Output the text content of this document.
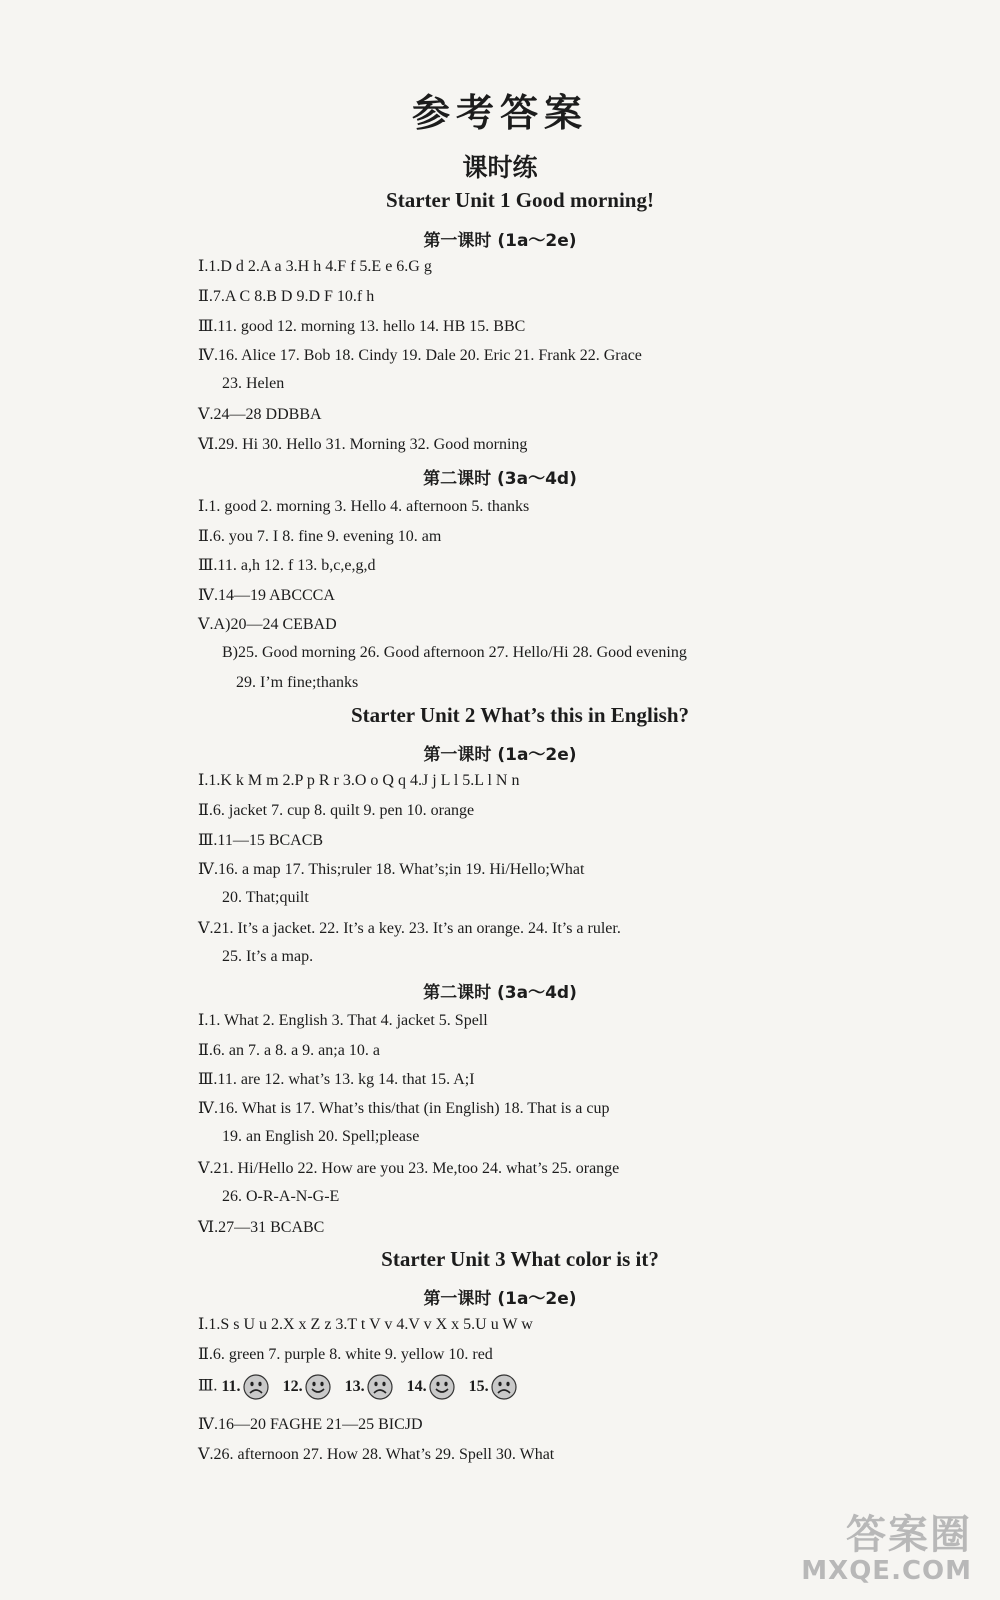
参考答案
课时练
Starter Unit 1 Good morning!
第一课时 (1a～2e)
Ⅰ.1.D d 2.A a 3.H h 4.F f 5.E e 6.G g
Ⅱ.7.A C 8.B D 9.D F 10.f h
Ⅲ.11. good 12. morning 13. hello 14. HB 15. BBC
Ⅳ.16. Alice 17. Bob 18. Cindy 19. Dale 20. Eric 21. Frank 22. Grace
23. Helen
Ⅴ.24—28 DDBBA
Ⅵ.29. Hi 30. Hello 31. Morning 32. Good morning
第二课时 (3a～4d)
Ⅰ.1. good 2. morning 3. Hello 4. afternoon 5. thanks
Ⅱ.6. you 7. I 8. fine 9. evening 10. am
Ⅲ.11. a,h 12. f 13. b,c,e,g,d
Ⅳ.14—19 ABCCCA
Ⅴ.A)20—24 CEBAD
B)25. Good morning 26. Good afternoon 27. Hello/Hi 28. Good evening
29. I’m fine;thanks
Starter Unit 2 What’s this in English?
第一课时 (1a～2e)
Ⅰ.1.K k M m 2.P p R r 3.O o Q q 4.J j L l 5.L l N n
Ⅱ.6. jacket 7. cup 8. quilt 9. pen 10. orange
Ⅲ.11—15 BCACB
Ⅳ.16. a map 17. This;ruler 18. What’s;in 19. Hi/Hello;What
20. That;quilt
Ⅴ.21. It’s a jacket. 22. It’s a key. 23. It’s an orange. 24. It’s a ruler.
25. It’s a map.
第二课时 (3a～4d)
Ⅰ.1. What 2. English 3. That 4. jacket 5. Spell
Ⅱ.6. an 7. a 8. a 9. an;a 10. a
Ⅲ.11. are 12. what’s 13. kg 14. that 15. A;I
Ⅳ.16. What is 17. What’s this/that (in English) 18. That is a cup
19. an English 20. Spell;please
Ⅴ.21. Hi/Hello 22. How are you 23. Me,too 24. what’s 25. orange
26. O-R-A-N-G-E
Ⅵ.27—31 BCABC
Starter Unit 3 What color is it?
第一课时 (1a～2e)
Ⅰ.1.S s U u 2.X x Z z 3.T t V v 4.V v X x 5.U u W w
Ⅱ.6. green 7. purple 8. white 9. yellow 10. red
Ⅲ. 11.	12.	13.	14.	15.
Ⅳ.16—20 FAGHE 21—25 BICJD
Ⅴ.26. afternoon 27. How 28. What’s 29. Spell 30. What
答案圈
MXQE.COM
